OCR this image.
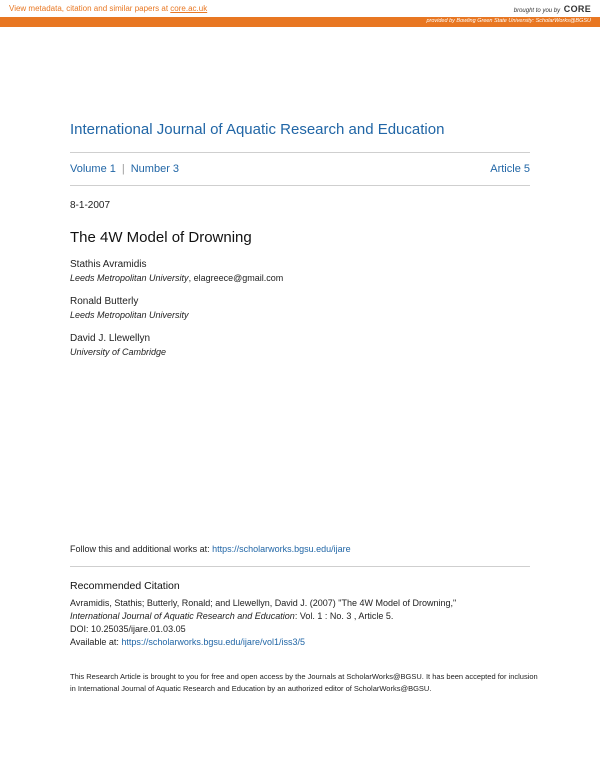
View metadata, citation and similar papers at core.ac.uk	brought to you by CORE
provided by Bowling Green State University: ScholarWorks@BGSU
International Journal of Aquatic Research and Education
Volume 1 | Number 3	Article 5
8-1-2007
The 4W Model of Drowning
Stathis Avramidis
Leeds Metropolitan University, elagreece@gmail.com
Ronald Butterly
Leeds Metropolitan University
David J. Llewellyn
University of Cambridge
Follow this and additional works at: https://scholarworks.bgsu.edu/ijare
Recommended Citation
Avramidis, Stathis; Butterly, Ronald; and Llewellyn, David J. (2007) "The 4W Model of Drowning,"
International Journal of Aquatic Research and Education: Vol. 1 : No. 3 , Article 5.
DOI: 10.25035/ijare.01.03.05
Available at: https://scholarworks.bgsu.edu/ijare/vol1/iss3/5
This Research Article is brought to you for free and open access by the Journals at ScholarWorks@BGSU. It has been accepted for inclusion in International Journal of Aquatic Research and Education by an authorized editor of ScholarWorks@BGSU.
